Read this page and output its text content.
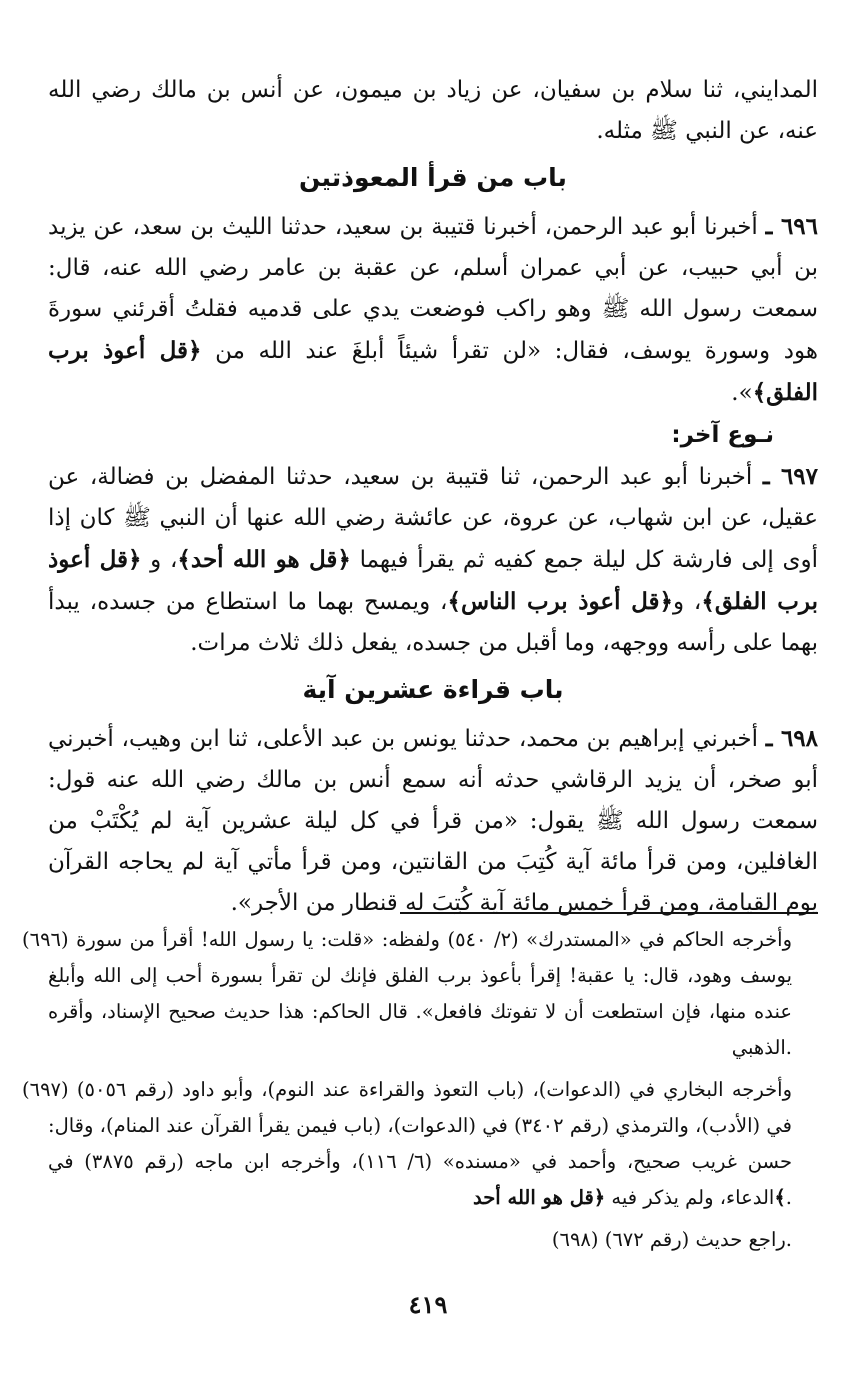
المدايني، ثنا سلام بن سفيان، عن زياد بن ميمون، عن أنس بن مالك رضي الله عنه، عن النبي ﷺ مثله.

باب من قرأ المعوذتين

٦٩٦ ـ أخبرنا أبو عبد الرحمن، أخبرنا قتيبة بن سعيد، حدثنا الليث بن سعد، عن يزيد بن أبي حبيب، عن أبي عمران أسلم، عن عقبة بن عامر رضي الله عنه، قال: سمعت رسول الله ﷺ وهو راكب فوضعت يدي على قدميه فقلتُ أقرئني سورةَ هود وسورة يوسف، فقال: «لن تقرأ شيئاً أبلغَ عند الله من ﴿قل أعوذ برب الفلق﴾».

نـوع آخر:

٦٩٧ ـ أخبرنا أبو عبد الرحمن، ثنا قتيبة بن سعيد، حدثنا المفضل بن فضالة، عن عقيل، عن ابن شهاب، عن عروة، عن عائشة رضي الله عنها أن النبي ﷺ كان إذا أوى إلى فارشة كل ليلة جمع كفيه ثم يقرأ فيهما ﴿قل هو الله أحد﴾، و ﴿قل أعوذ برب الفلق﴾، و﴿قل أعوذ برب الناس﴾، ويمسح بهما ما استطاع من جسده، يبدأ بهما على رأسه ووجهه، وما أقبل من جسده، يفعل ذلك ثلاث مرات.

باب قراءة عشرين آية

٦٩٨ ـ أخبرني إبراهيم بن محمد، حدثنا يونس بن عبد الأعلى، ثنا ابن وهيب، أخبرني أبو صخر، أن يزيد الرقاشي حدثه أنه سمع أنس بن مالك رضي الله عنه قول: سمعت رسول الله ﷺ يقول: «من قرأ في كل ليلة عشرين آية لم يُكْتَبْ من الغافلين، ومن قرأ مائة آية كُتِبَ من القانتين، ومن قرأ مأتي آية لم يحاجه القرآن يوم القيامة، ومن قرأ خمس مائة آية كُتِبَ له قنطار من الأجر».

(٦٩٦) وأخرجه الحاكم في «المستدرك» (٢/ ٥٤٠) ولفظه: «قلت: يا رسول الله! أقرأ من سورة يوسف وهود، قال: يا عقبة! إقرأ بأعوذ برب الفلق فإنك لن تقرأ بسورة أحب إلى الله وأبلغ عنده منها، فإن استطعت أن لا تفوتك فافعل». قال الحاكم: هذا حديث صحيح الإسناد، وأقره الذهبي.

(٦٩٧) وأخرجه البخاري في (الدعوات)، (باب التعوذ والقراءة عند النوم)، وأبو داود (رقم ٥٠٥٦) في (الأدب)، والترمذي (رقم ٣٤٠٢) في (الدعوات)، (باب فيمن يقرأ القرآن عند المنام)، وقال: حسن غريب صحيح، وأحمد في «مسنده» (٦/ ١١٦)، وأخرجه ابن ماجه (رقم ٣٨٧٥) في الدعاء، ولم يذكر فيه ﴿قل هو الله أحد﴾.

(٦٩٨) راجع حديث (رقم ٦٧٢).

٤١٩
